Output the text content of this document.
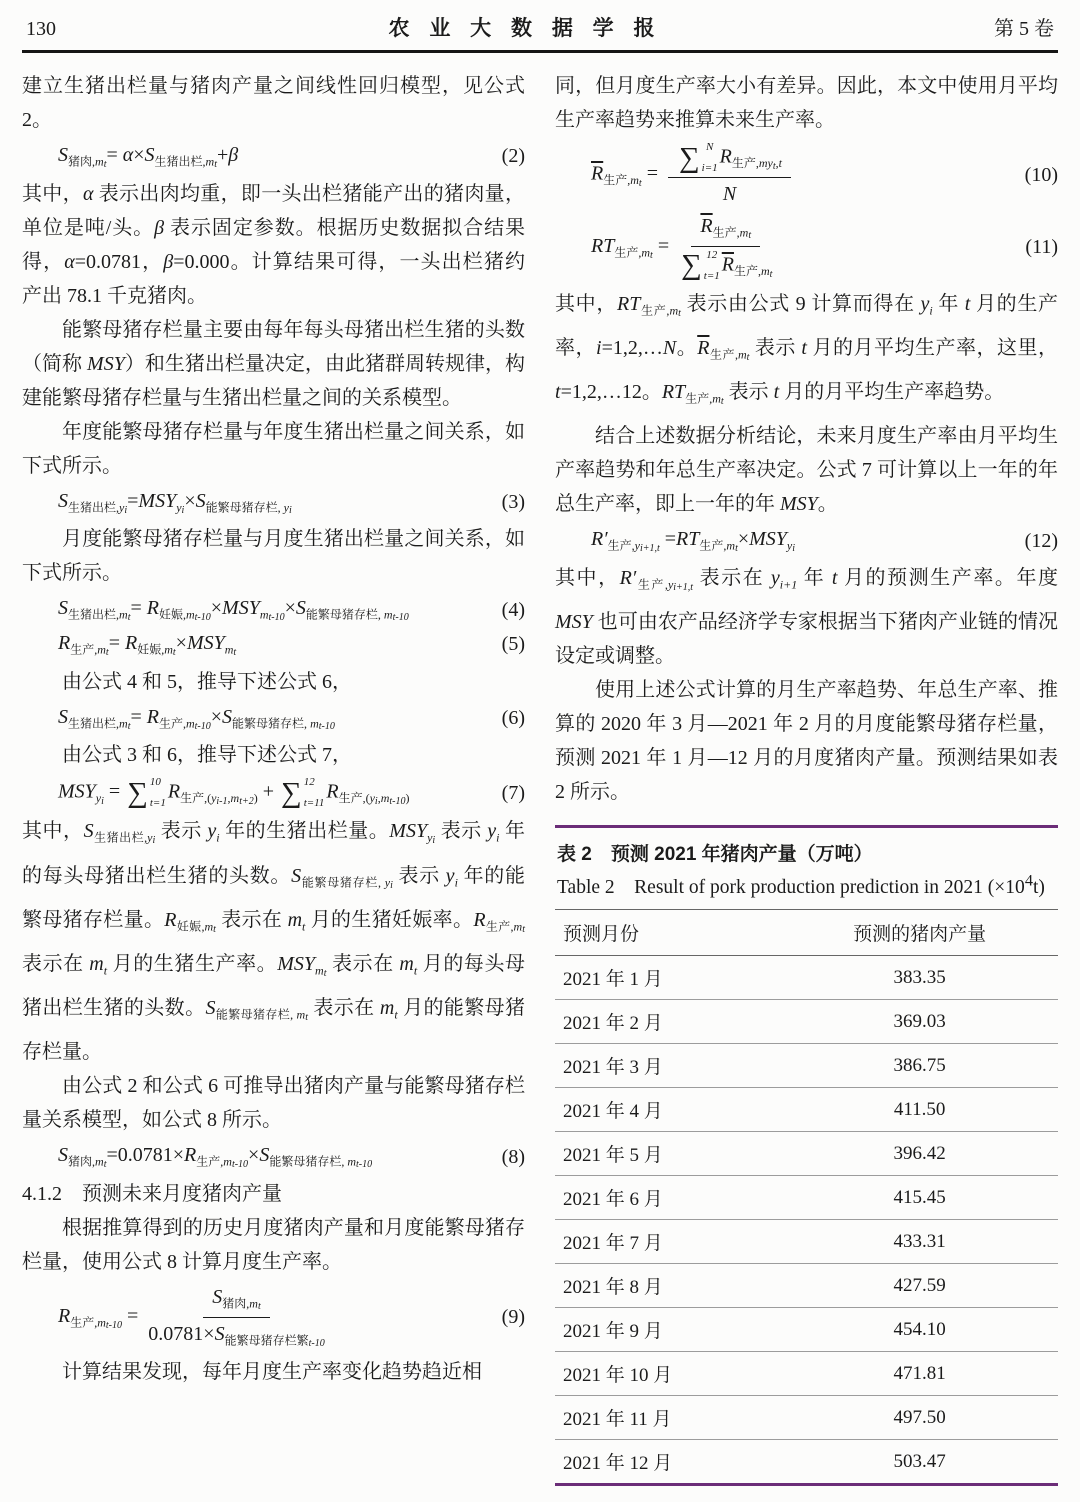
130	农 业 大 数 据 学 报	第 5 卷

建立生猪出栏量与猪肉产量之间线性回归模型，见公式 2。

$S_{猪肉,mt}= \alpha\times S_{生猪出栏,mt}+\beta$	(2)

其中，α 表示出肉均重，即一头出栏猪能产出的猪肉量，单位是吨/头。β 表示固定参数。根据历史数据拟合结果得，α=0.0781，β=0.000。计算结果可得，一头出栏猪约产出 78.1 千克猪肉。

能繁母猪存栏量主要由每年每头母猪出栏生猪的头数（简称 MSY）和生猪出栏量决定，由此猪群周转规律，构建能繁母猪存栏量与生猪出栏量之间的关系模型。

年度能繁母猪存栏量与年度生猪出栏量之间关系，如下式所示。

$S_{生猪出栏,yi}=MSY_{yi}\times S_{能繁母猪存栏,}$ $_{yi}$	(3)

月度能繁母猪存栏量与月度生猪出栏量之间关系，如下式所示。

$S_{生猪出栏,mt}= R_{妊娠,mt-10}\times MSY_{mt-10}\times S_{能繁母猪存栏,}$ $_{mt-10}$	(4)
$R_{生产,mt}= R_{妊娠,mt}\times MSY_{mt}$	(5)

由公式 4 和 5，推导下述公式 6，

$S_{生猪出栏,mt}= R_{生产,mt-10}\times S_{能繁母猪存栏,}$ $_{mt-10}$	(6)

由公式 3 和 6，推导下述公式 7，

$MSY_{yi}$ = ∑ 10
t=1
$R_{生产,(yi-1,mt+2)}$ + ∑ 12
t=11
$R_{生产,(yi,mt-10)}$	(7)

其中，$S_{生猪出栏,yi}$ 表示 $y_i$ 年的生猪出栏量。$MSY_{yi}$ 表示 $y_i$ 年的每头母猪出栏生猪的头数。$S_{能繁母猪存栏,}$ $_{yi}$ 表示 $y_i$ 年的能繁母猪存栏量。$R_{妊娠,mt}$ 表示在 $m_t$ 月的生猪妊娠率。$R_{生产,mt}$ 表示在 $m_t$ 月的生猪生产率。$MSY_{mt}$ 表示在 $m_t$ 月的每头母猪出栏生猪的头数。$S_{能繁母猪存栏,}$ $_{mt}$ 表示在 $m_t$ 月的能繁母猪存栏量。

由公式 2 和公式 6 可推导出猪肉产量与能繁母猪存栏量关系模型，如公式 8 所示。

$S_{猪肉,mt}=0.0781\times R_{生产,mt-10}\times S_{能繁母猪存栏,}$ $_{mt-10}$	(8)

4.1.2　预测未来月度猪肉产量

根据推算得到的历史月度猪肉产量和月度能繁母猪存栏量，使用公式 8 计算月度生产率。

$R_{生产,mt-10} = \frac{S_{猪肉,mt}}{0.0781\times S_{能繁母猪存栏繁t-10}}$	(9)

计算结果发现，每年月度生产率变化趋势趋近相

同，但月度生产率大小有差异。因此，本文中使用月平均生产率趋势来推算未来生产率。

$\overline{R}_{生产,mt}$ = ∑ N
i=1
$R_{生产,myt,t}$
N	(10)
$RT_{生产,mt} = \overline{R}_{生产,mt}$
∑ 12
t=1
$\overline{R}_{生产,mt}$	(11)

其中，$RT_{生产,mt}$ 表示由公式 9 计算而得在 $y_i$ 年 t 月的生产率，i=1,2,…N。$\overline{R}_{生产,mt}$ 表示 t 月的月平均生产率，这里，t=1,2,…12。$RT_{生产,mt}$ 表示 t 月的月平均生产率趋势。

结合上述数据分析结论，未来月度生产率由月平均生产率趋势和年总生产率决定。公式 7 可计算以上一年的年总生产率，即上一年的年 MSY。

$R'_{生产,yi+1,t} =RT_{生产,mt}\times MSY_{yi}$	(12)

其中，$R'_{生产,yi+1,t}$ 表示在 $y_{i+1}$ 年 t 月的预测生产率。年度 MSY 也可由农产品经济学专家根据当下猪肉产业链的情况设定或调整。

使用上述公式计算的月生产率趋势、年总生产率、推算的 2020 年 3 月—2021 年 2 月的月度能繁母猪存栏量，预测 2021 年 1 月—12 月的月度猪肉产量。预测结果如表 2 所示。

表 2　预测 2021 年猪肉产量（万吨）
Table 2　Result of pork production prediction in 2021 $(\times 10^4t)$
预测月份	预测的猪肉产量
2021 年 1 月	383.35
2021 年 2 月	369.03
2021 年 3 月	386.75
2021 年 4 月	411.50
2021 年 5 月	396.42
2021 年 6 月	415.45
2021 年 7 月	433.31
2021 年 8 月	427.59
2021 年 9 月	454.10
2021 年 10 月	471.81
2021 年 11 月	497.50
2021 年 12 月	503.47
